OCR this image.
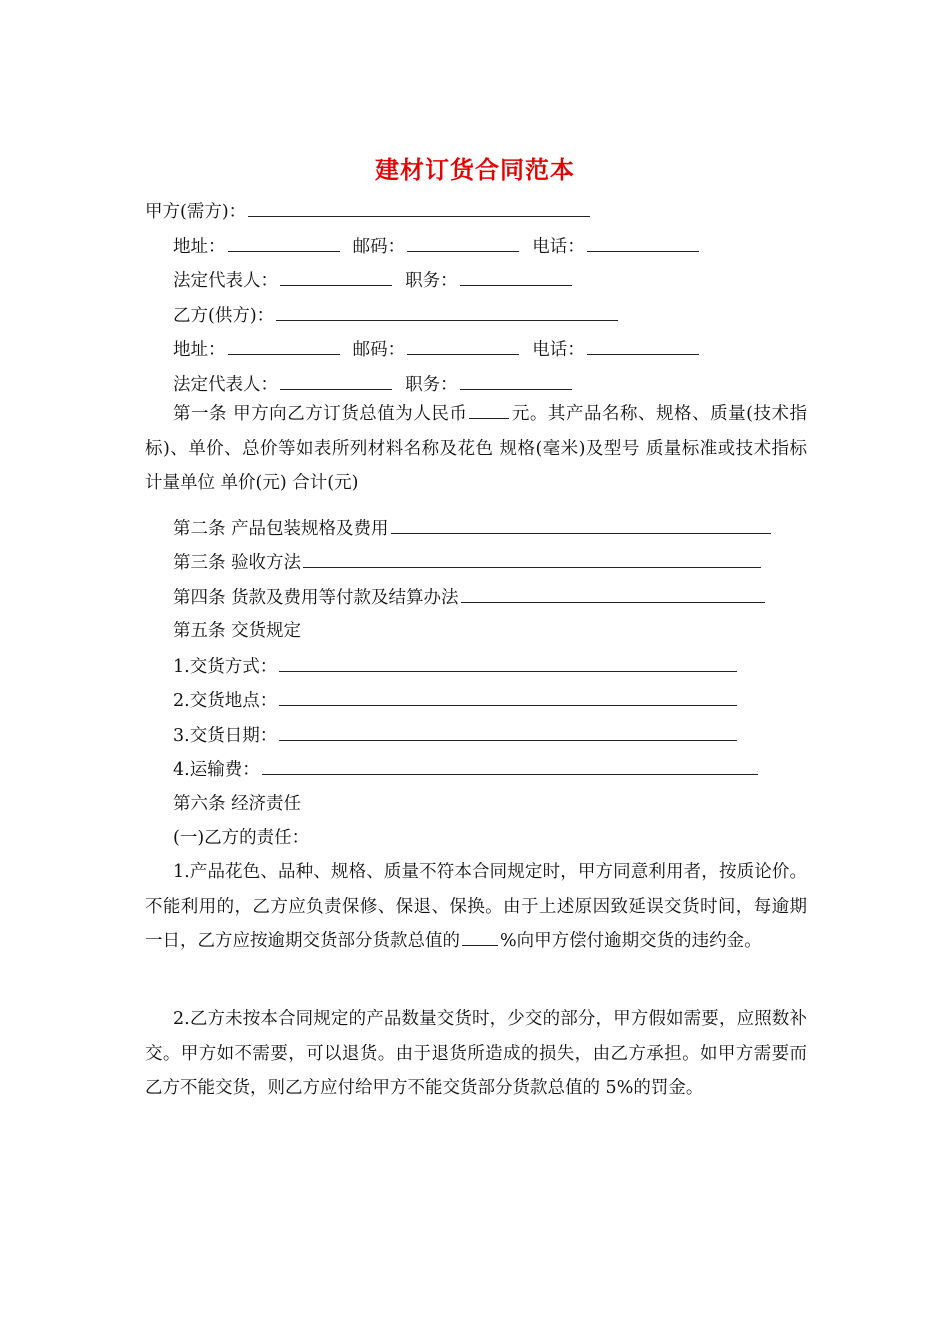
建材订货合同范本
甲方(需方)：
地址：	邮码：	电话：
法定代表人：	职务：
乙方(供方)：
地址：	邮码：	电话：
法定代表人：	职务：
第一条 甲方向乙方订货总值为人民币	元。其产品名称、规格、质量(技术指标)、单价、总价等如表所列材料名称及花色 规格(毫米)及型号 质量标准或技术指标 计量单位 单价(元) 合计(元)
第二条 产品包装规格及费用
第三条 验收方法
第四条 货款及费用等付款及结算办法
第五条 交货规定
1.交货方式：
2.交货地点：
3.交货日期：
4.运输费：
第六条 经济责任
(一)乙方的责任：
1.产品花色、品种、规格、质量不符本合同规定时，甲方同意利用者，按质论价。不能利用的，乙方应负责保修、保退、保换。由于上述原因致延误交货时间，每逾期一日，乙方应按逾期交货部分货款总值的 %向甲方偿付逾期交货的违约金。
2.乙方未按本合同规定的产品数量交货时，少交的部分，甲方假如需要，应照数补交。甲方如不需要，可以退货。由于退货所造成的损失，由乙方承担。如甲方需要而乙方不能交货，则乙方应付给甲方不能交货部分货款总值的 5%的罚金。
